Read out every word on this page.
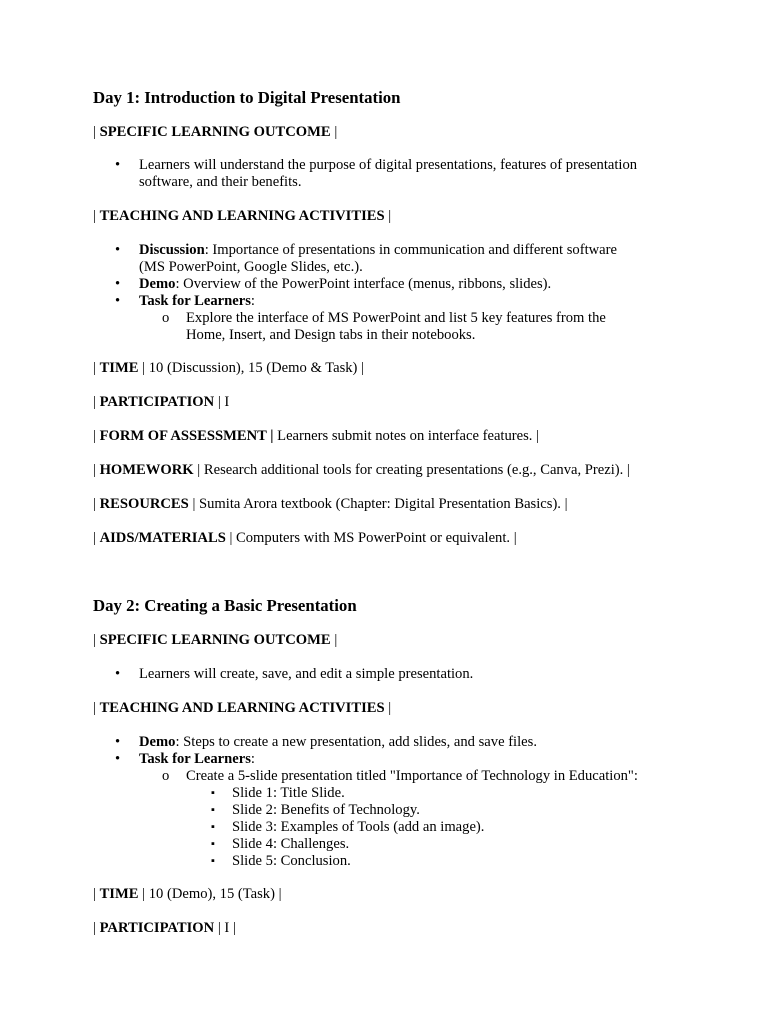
Day 1: Introduction to Digital Presentation
| SPECIFIC LEARNING OUTCOME |
• Learners will understand the purpose of digital presentations, features of presentation
software, and their benefits.
| TEACHING AND LEARNING ACTIVITIES |
• Discussion: Importance of presentations in communication and different software
(MS PowerPoint, Google Slides, etc.).
• Demo: Overview of the PowerPoint interface (menus, ribbons, slides).
• Task for Learners:
o Explore the interface of MS PowerPoint and list 5 key features from the
Home, Insert, and Design tabs in their notebooks.
| TIME | 10 (Discussion), 15 (Demo & Task) |
| PARTICIPATION | I
| FORM OF ASSESSMENT | Learners submit notes on interface features. |
| HOMEWORK | Research additional tools for creating presentations (e.g., Canva, Prezi). |
| RESOURCES | Sumita Arora textbook (Chapter: Digital Presentation Basics). |
| AIDS/MATERIALS | Computers with MS PowerPoint or equivalent. |
Day 2: Creating a Basic Presentation
| SPECIFIC LEARNING OUTCOME |
• Learners will create, save, and edit a simple presentation.
| TEACHING AND LEARNING ACTIVITIES |
• Demo: Steps to create a new presentation, add slides, and save files.
• Task for Learners:
o Create a 5-slide presentation titled "Importance of Technology in Education":
▪ Slide 1: Title Slide.
▪ Slide 2: Benefits of Technology.
▪ Slide 3: Examples of Tools (add an image).
▪ Slide 4: Challenges.
▪ Slide 5: Conclusion.
| TIME | 10 (Demo), 15 (Task) |
| PARTICIPATION | I |
